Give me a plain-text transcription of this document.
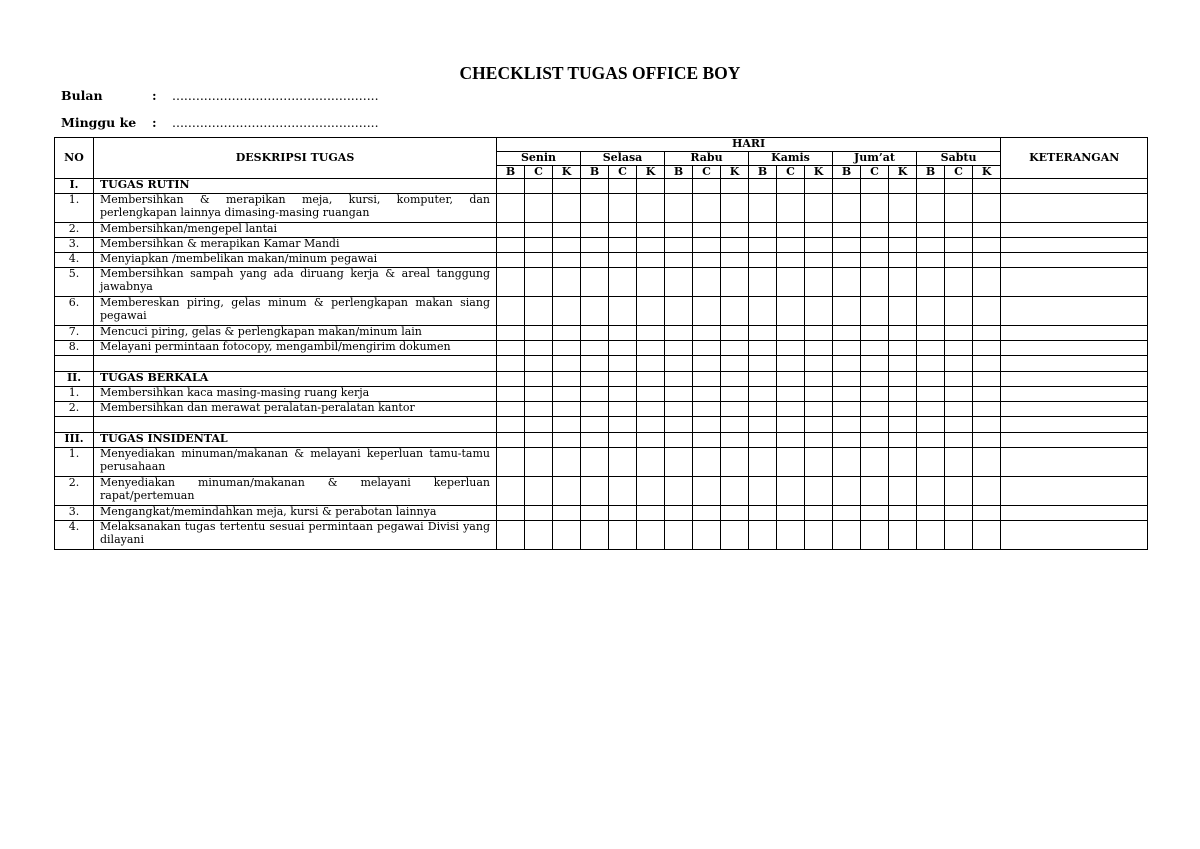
CHECKLIST TUGAS OFFICE BOY
Bulan	: ....................................................
Minggu ke : ....................................................
NO	DESKRIPSI TUGAS	HARI																		KETERANGAN
		Senin			Selasa			Rabu			Kamis			Jum’at			Sabtu			
		B	C	K	B	C	K	B	C	K	B	C	K	B	C	K	B	C	K	
I.	TUGAS RUTIN																			
1.	Membersihkan & merapikan meja, kursi, komputer, dan perlengkapan lainnya dimasing-masing ruangan																			
2.	Membersihkan/mengepel lantai																			
3.	Membersihkan & merapikan Kamar Mandi																			
4.	Menyiapkan /membelikan makan/minum pegawai																			
5.	Membersihkan sampah yang ada diruang kerja & areal tanggung jawabnya																			
6.	Membereskan piring, gelas minum & perlengkapan makan siang pegawai																			
7.	Mencuci piring, gelas & perlengkapan makan/minum lain																			
8.	Melayani permintaan fotocopy, mengambil/mengirim dokumen																			

II.	TUGAS BERKALA																			
1.	Membersihkan kaca masing-masing ruang kerja																			
2.	Membersihkan dan merawat peralatan-peralatan kantor																			

III.	TUGAS INSIDENTAL																			
1.	Menyediakan minuman/makanan & melayani keperluan tamu-tamu perusahaan																			
2.	Menyediakan minuman/makanan & melayani keperluan rapat/pertemuan																			
3.	Mengangkat/memindahkan meja, kursi & perabotan lainnya																			
4.	Melaksanakan tugas tertentu sesuai permintaan pegawai Divisi yang dilayani																			
